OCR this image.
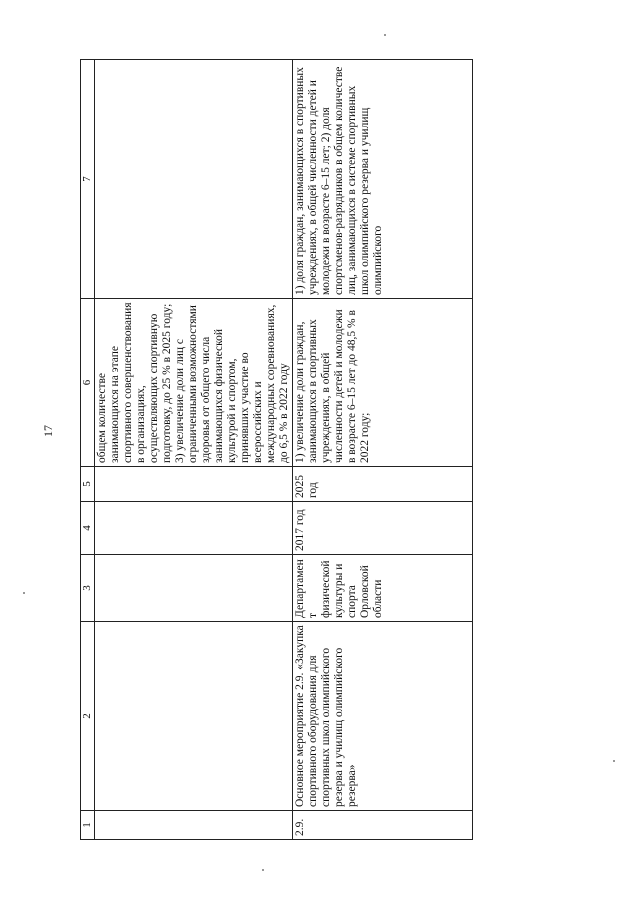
17
1	2	3	4	5	6	7
					общем количестве занимающихся на этапе спортивного совершенствования в организациях, осуществляющих спортивную подготовку, до 25 % в 2025 году; 3) увеличение доли лиц с ограниченными возможностями здоровья от общего числа занимающихся физической культурой и спортом, принявших участие во всероссийских и международных соревнованиях, до 6,5 % в 2022 году	
2.9.	Основное мероприятие 2.9. «Закупка спортивного оборудования для спортивных школ олимпийского резерва и училищ олимпийского резерва»	Департамент физической культуры и спорта Орловской области	2017 год	2025 год	1) увеличение доли граждан, занимающихся в спортивных учреждениях, в общей численности детей и молодежи в возрасте 6–15 лет до 48,5 % в 2022 году;	1) доля граждан, занимающихся в спортивных учреждениях, в общей численности детей и молодежи в возрасте 6–15 лет; 2) доля спортсменов-разрядников в общем количестве лиц, занимающихся в системе спортивных школ олимпийского резерва и училищ олимпийского
